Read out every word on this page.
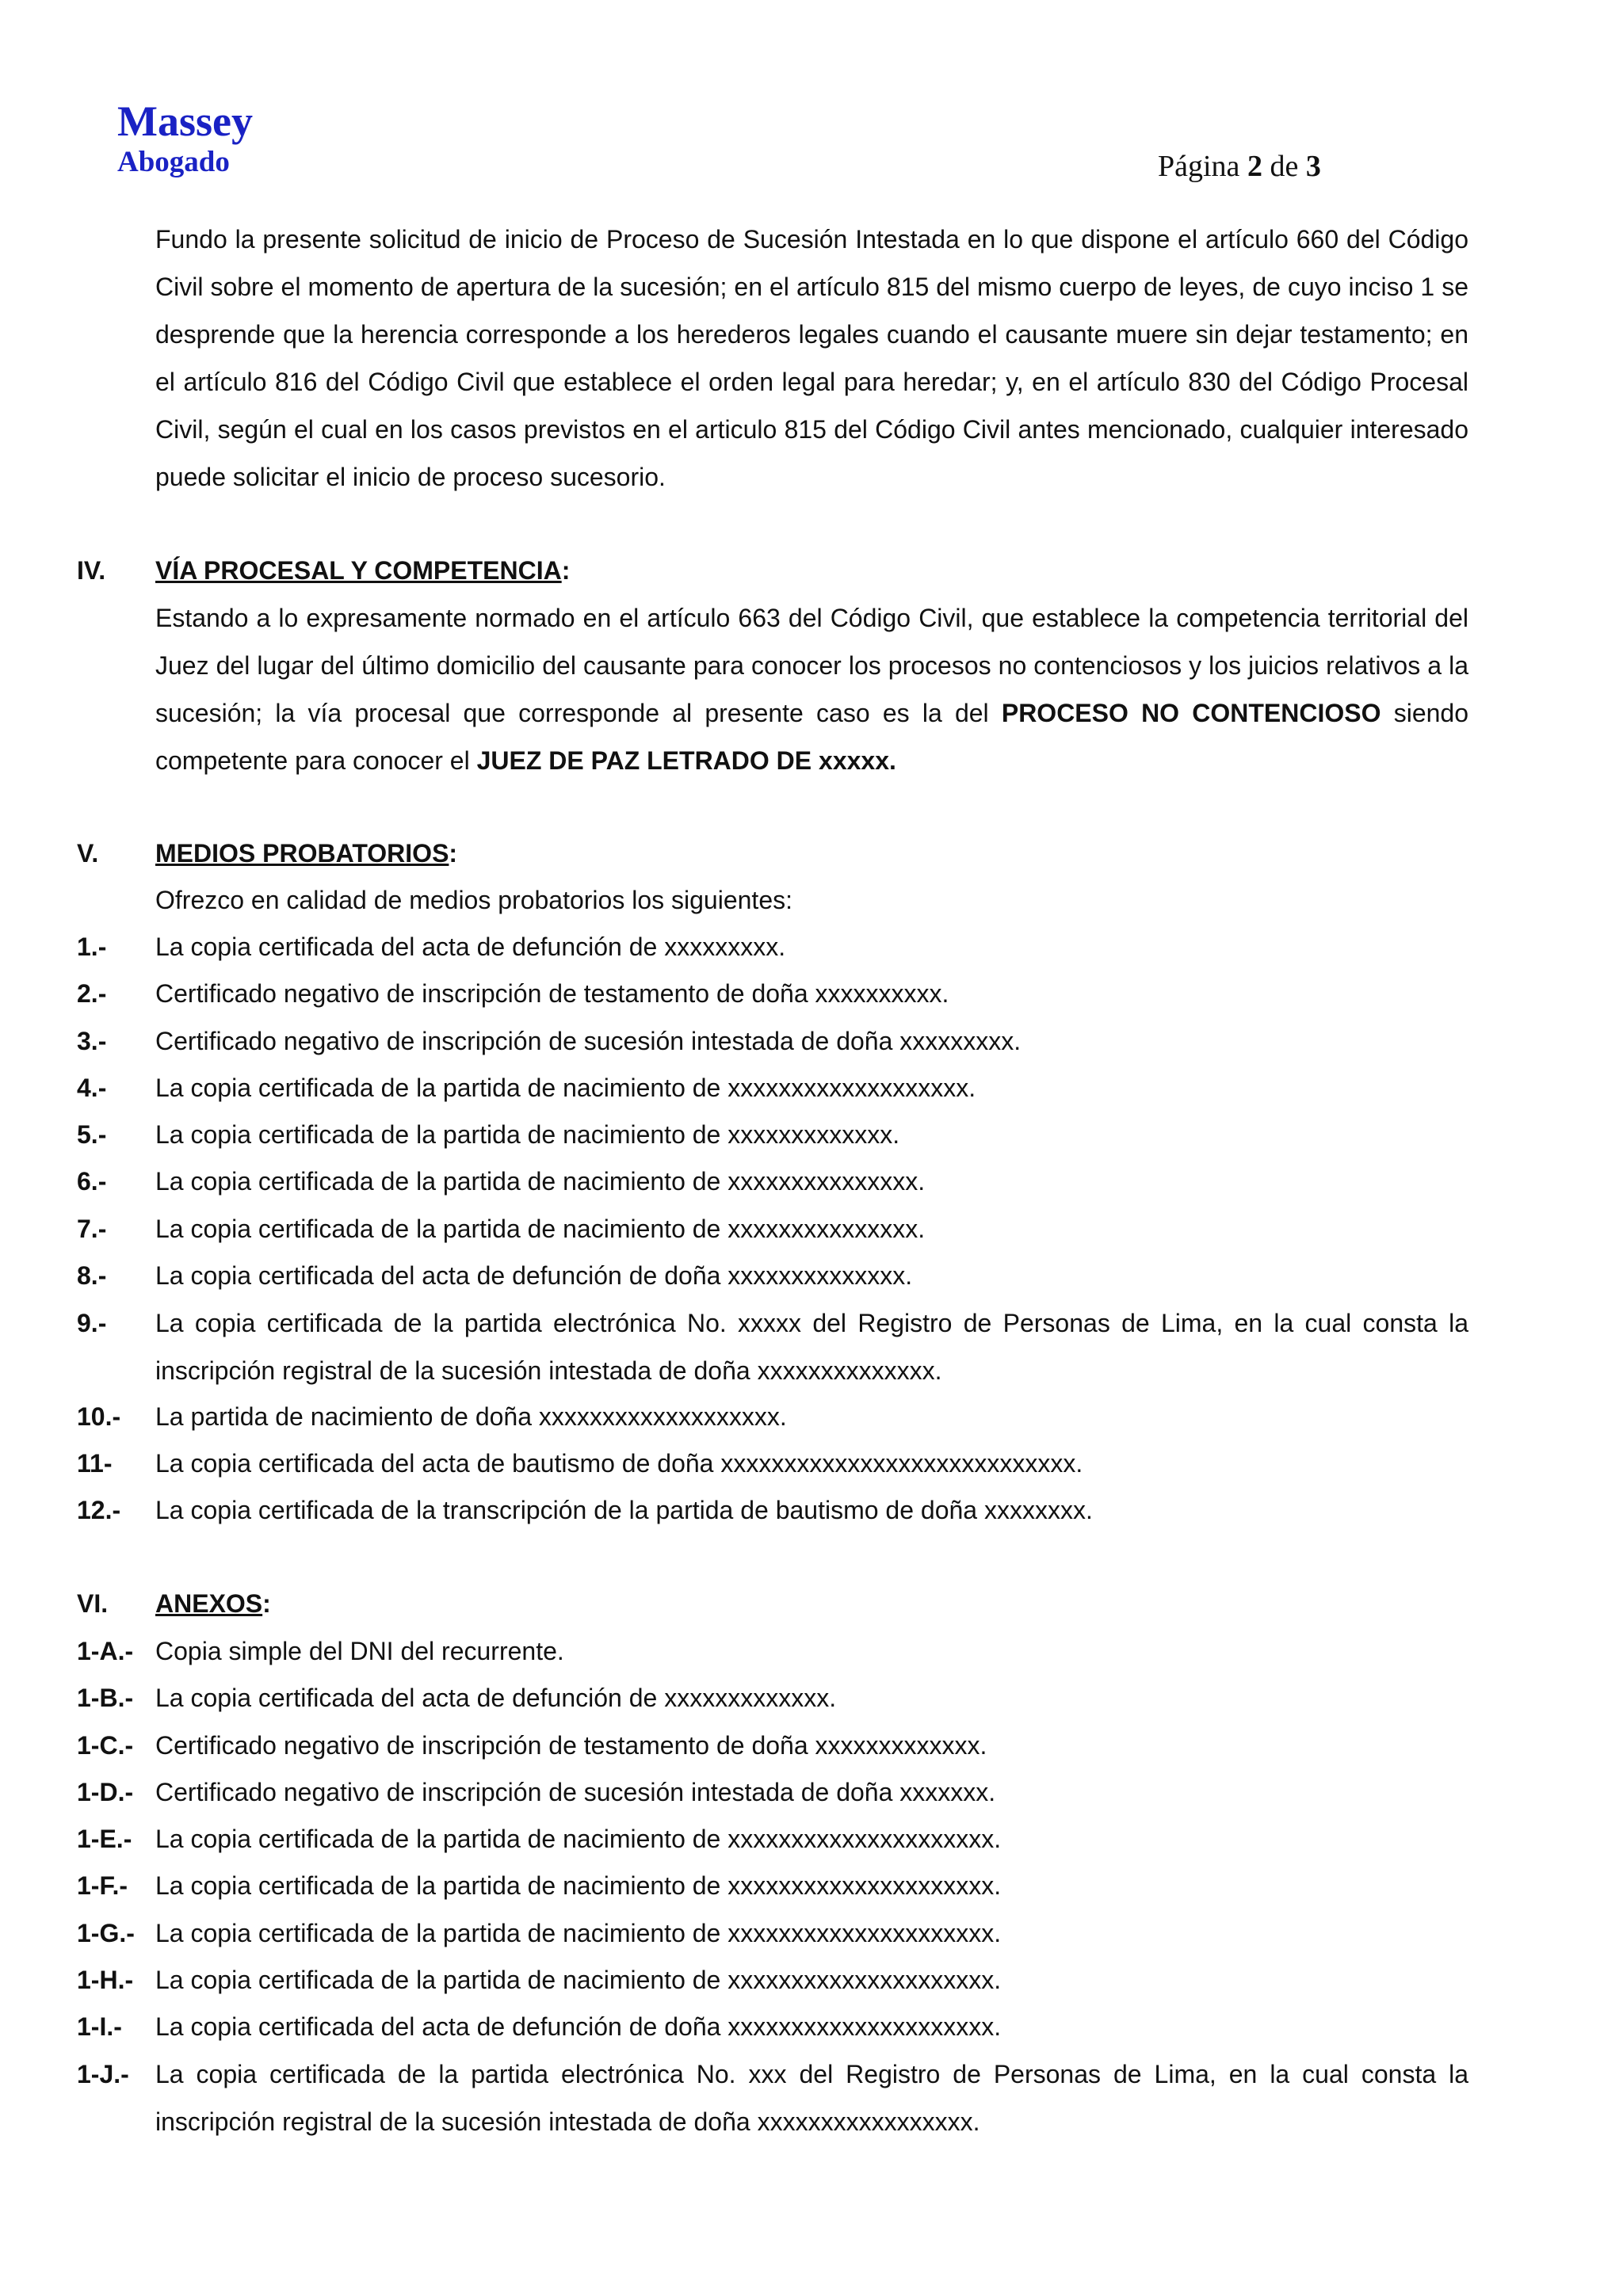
Massey
Abogado	Página 2 de 3
Fundo la presente solicitud de inicio de Proceso de Sucesión Intestada en lo que dispone el artículo 660 del Código Civil sobre el momento de apertura de la sucesión; en el artículo 815 del mismo cuerpo de leyes, de cuyo inciso 1 se desprende que la herencia corresponde a los herederos legales cuando el causante muere sin dejar testamento; en el artículo 816 del Código Civil que establece el orden legal para heredar; y, en el artículo 830 del Código Procesal Civil, según el cual en los casos previstos en el articulo 815 del Código Civil antes mencionado, cualquier interesado puede solicitar el inicio de proceso sucesorio.
IV. VÍA PROCESAL Y COMPETENCIA:
Estando a lo expresamente normado en el artículo 663 del Código Civil, que establece la competencia territorial del Juez del lugar del último domicilio del causante para conocer los procesos no contenciosos y los juicios relativos a la sucesión; la vía procesal que corresponde al presente caso es la del PROCESO NO CONTENCIOSO siendo competente para conocer el JUEZ DE PAZ LETRADO DE xxxxx.
V. MEDIOS PROBATORIOS:
Ofrezco en calidad de medios probatorios los siguientes:
1.- La copia certificada del acta de defunción de xxxxxxxxx.
2.- Certificado negativo de inscripción de testamento de doña xxxxxxxxxx.
3.- Certificado negativo de inscripción de sucesión intestada de doña xxxxxxxxx.
4.- La copia certificada de la partida de nacimiento de xxxxxxxxxxxxxxxxxxx.
5.- La copia certificada de la partida de nacimiento de xxxxxxxxxxxxx.
6.- La copia certificada de la partida de nacimiento de xxxxxxxxxxxxxxx.
7.- La copia certificada de la partida de nacimiento de xxxxxxxxxxxxxxx.
8.- La copia certificada del acta de defunción de doña xxxxxxxxxxxxxx.
9.- La copia certificada de la partida electrónica No. xxxxx del Registro de Personas de Lima, en la cual consta la inscripción registral de la sucesión intestada de doña xxxxxxxxxxxxxx.
10.- La partida de nacimiento de doña xxxxxxxxxxxxxxxxxxx.
11- La copia certificada del acta de bautismo de doña xxxxxxxxxxxxxxxxxxxxxxxxxxxx.
12.- La copia certificada de la transcripción de la partida de bautismo de doña xxxxxxxx.
VI. ANEXOS:
1-A.- Copia simple del DNI del recurrente.
1-B.- La copia certificada del acta de defunción de xxxxxxxxxxxxx.
1-C.- Certificado negativo de inscripción de testamento de doña xxxxxxxxxxxxx.
1-D.- Certificado negativo de inscripción de sucesión intestada de doña xxxxxxx.
1-E.- La copia certificada de la partida de nacimiento de xxxxxxxxxxxxxxxxxxxxx.
1-F.- La copia certificada de la partida de nacimiento de xxxxxxxxxxxxxxxxxxxxx.
1-G.- La copia certificada de la partida de nacimiento de xxxxxxxxxxxxxxxxxxxxx.
1-H.- La copia certificada de la partida de nacimiento de xxxxxxxxxxxxxxxxxxxxx.
1-I.- La copia certificada del acta de defunción de doña xxxxxxxxxxxxxxxxxxxxx.
1-J.- La copia certificada de la partida electrónica No. xxx del Registro de Personas de Lima, en la cual consta la inscripción registral de la sucesión intestada de doña xxxxxxxxxxxxxxxxx.
